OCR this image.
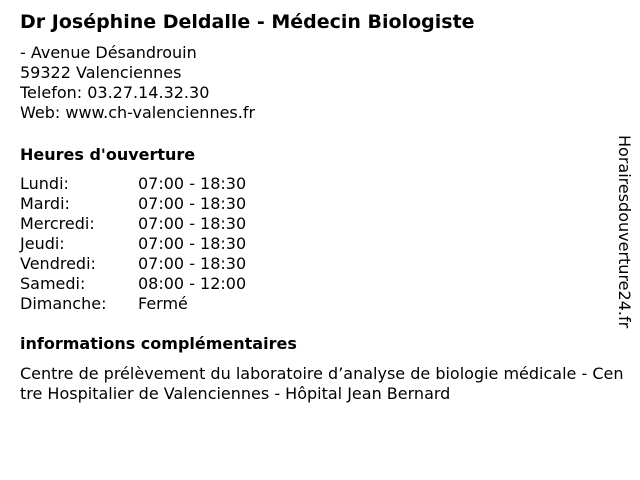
Dr Joséphine Deldalle - Médecin Biologiste
- Avenue Désandrouin
59322 Valenciennes
Telefon: 03.27.14.32.30
Web: www.ch-valenciennes.fr
Heures d'ouverture
Lundi:	07:00 - 18:30
Mardi:	07:00 - 18:30
Mercredi:	07:00 - 18:30
Jeudi:	07:00 - 18:30
Vendredi:	07:00 - 18:30
Samedi:	08:00 - 12:00
Dimanche: Fermé
informations complémentaires
Centre de prélèvement du laboratoire d’analyse de biologie médicale - Centre Hospitalier de Valenciennes - Hôpital Jean Bernard
Horairesdouverture24.fr
